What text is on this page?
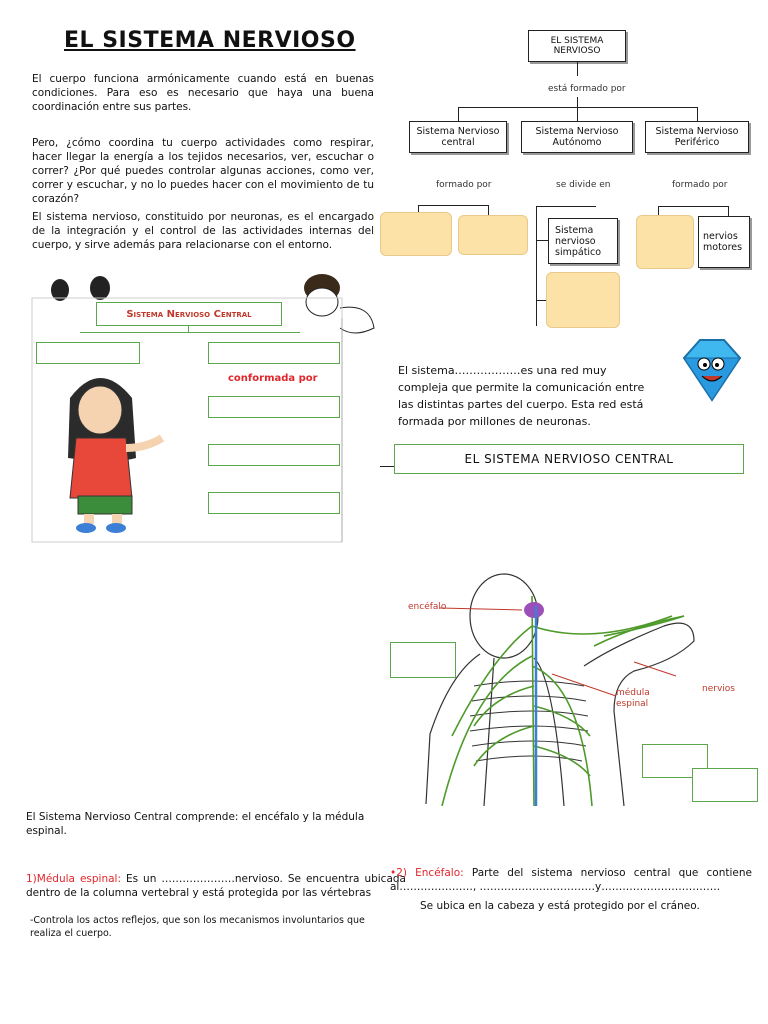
EL SISTEMA NERVIOSO
El cuerpo funciona armónicamente cuando está en buenas condiciones. Para eso es necesario que haya una buena coordinación entre sus partes.
Pero, ¿cómo coordina tu cuerpo actividades como respirar, hacer llegar la energía a los tejidos necesarios, ver, escuchar o correr? ¿Por qué puedes controlar algunas acciones, como ver, correr y escuchar, y no lo puedes hacer con el movimiento de tu corazón?
El sistema nervioso, constituido por neuronas, es el encargado de la integración y el control de las actividades internas del cuerpo, y sirve además para relacionarse con el entorno.
EL SISTEMA NERVIOSO
está formado por
Sistema Nervioso central
Sistema Nervioso Autónomo
Sistema Nervioso Periférico
formado por	se divide en	formado por
Sistema nervioso simpático
nervios motores
Sistema Nervioso Central
conformada por
El sistema………………es una red muy compleja que permite la comunicación entre las distintas partes del cuerpo. Esta red está formada por millones de neuronas.
EL SISTEMA NERVIOSO CENTRAL
encéfalo
médula espinal
nervios
El Sistema Nervioso Central comprende: el encéfalo y la médula espinal.
1)Médula espinal: Es un …………………nervioso. Se encuentra ubicada dentro de la columna vertebral y está protegida por las vértebras
-Controla los actos reflejos, que son los mecanismos involuntarios que realiza el cuerpo.
•2) Encéfalo: Parte del sistema nervioso central que contiene al…………………, ……………………………y…………………………….
Se ubica en la cabeza y está protegido por el cráneo.
